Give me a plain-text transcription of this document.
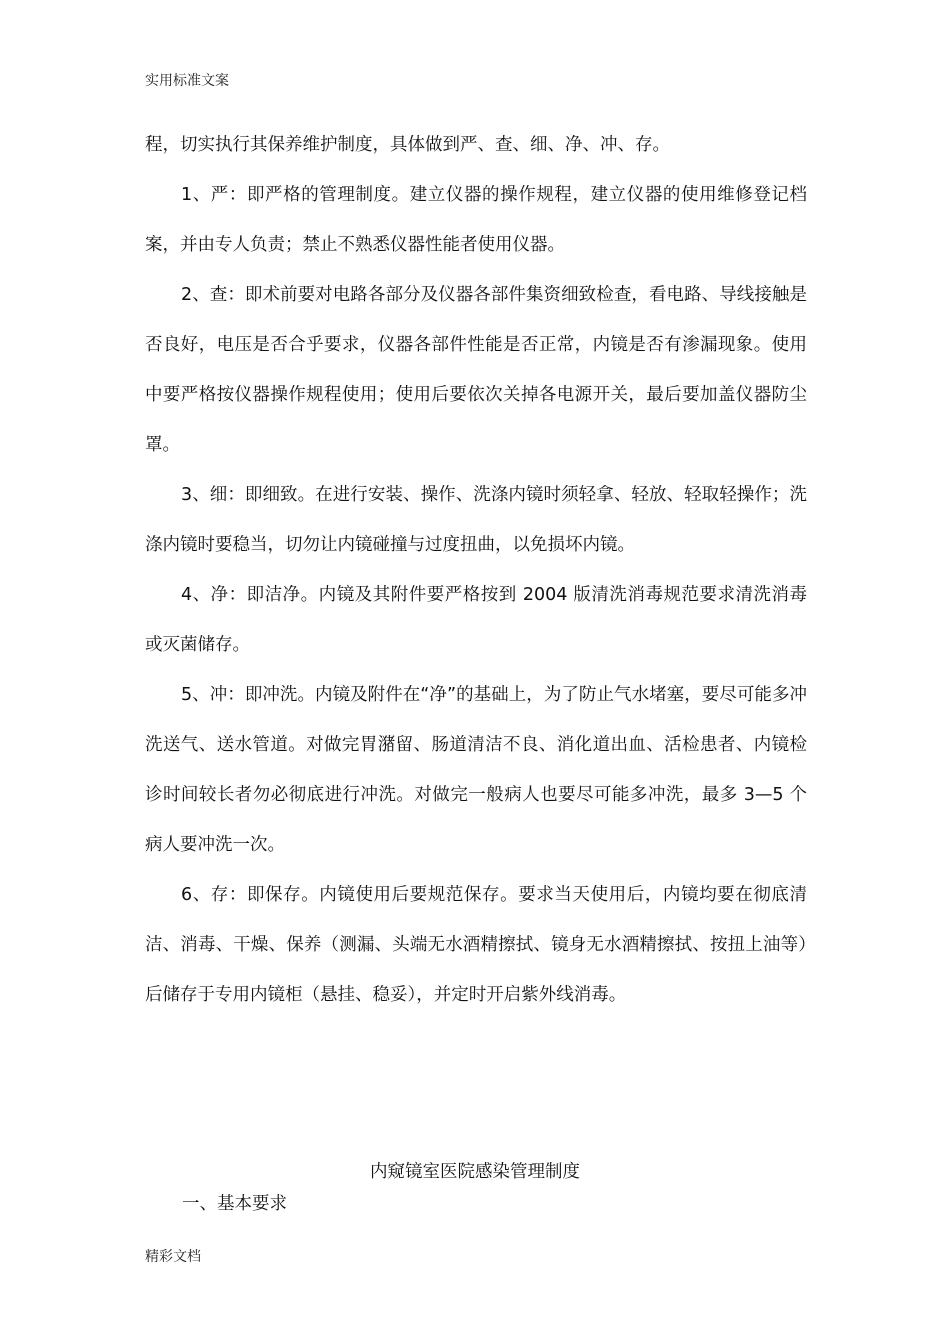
实用标准文案

程，切实执行其保养维护制度，具体做到严、查、细、净、冲、存。

1、严：即严格的管理制度。建立仪器的操作规程，建立仪器的使用维修登记档案，并由专人负责；禁止不熟悉仪器性能者使用仪器。

2、查：即术前要对电路各部分及仪器各部件集资细致检查，看电路、导线接触是否良好，电压是否合乎要求，仪器各部件性能是否正常，内镜是否有渗漏现象。使用中要严格按仪器操作规程使用；使用后要依次关掉各电源开关，最后要加盖仪器防尘罩。

3、细：即细致。在进行安装、操作、洗涤内镜时须轻拿、轻放、轻取轻操作；洗涤内镜时要稳当，切勿让内镜碰撞与过度扭曲，以免损坏内镜。

4、净：即洁净。内镜及其附件要严格按到 2004 版清洗消毒规范要求清洗消毒或灭菌储存。

5、冲：即冲洗。内镜及附件在“净”的基础上，为了防止气水堵塞，要尽可能多冲洗送气、送水管道。对做完胃潴留、肠道清洁不良、消化道出血、活检患者、内镜检诊时间较长者勿必彻底进行冲洗。对做完一般病人也要尽可能多冲洗，最多 3—5 个病人要冲洗一次。

6、存：即保存。内镜使用后要规范保存。要求当天使用后，内镜均要在彻底清洁、消毒、干燥、保养（测漏、头端无水酒精擦拭、镜身无水酒精擦拭、按扭上油等）后储存于专用内镜柜（悬挂、稳妥），并定时开启紫外线消毒。

内窥镜室医院感染管理制度
一、基本要求
精彩文档
